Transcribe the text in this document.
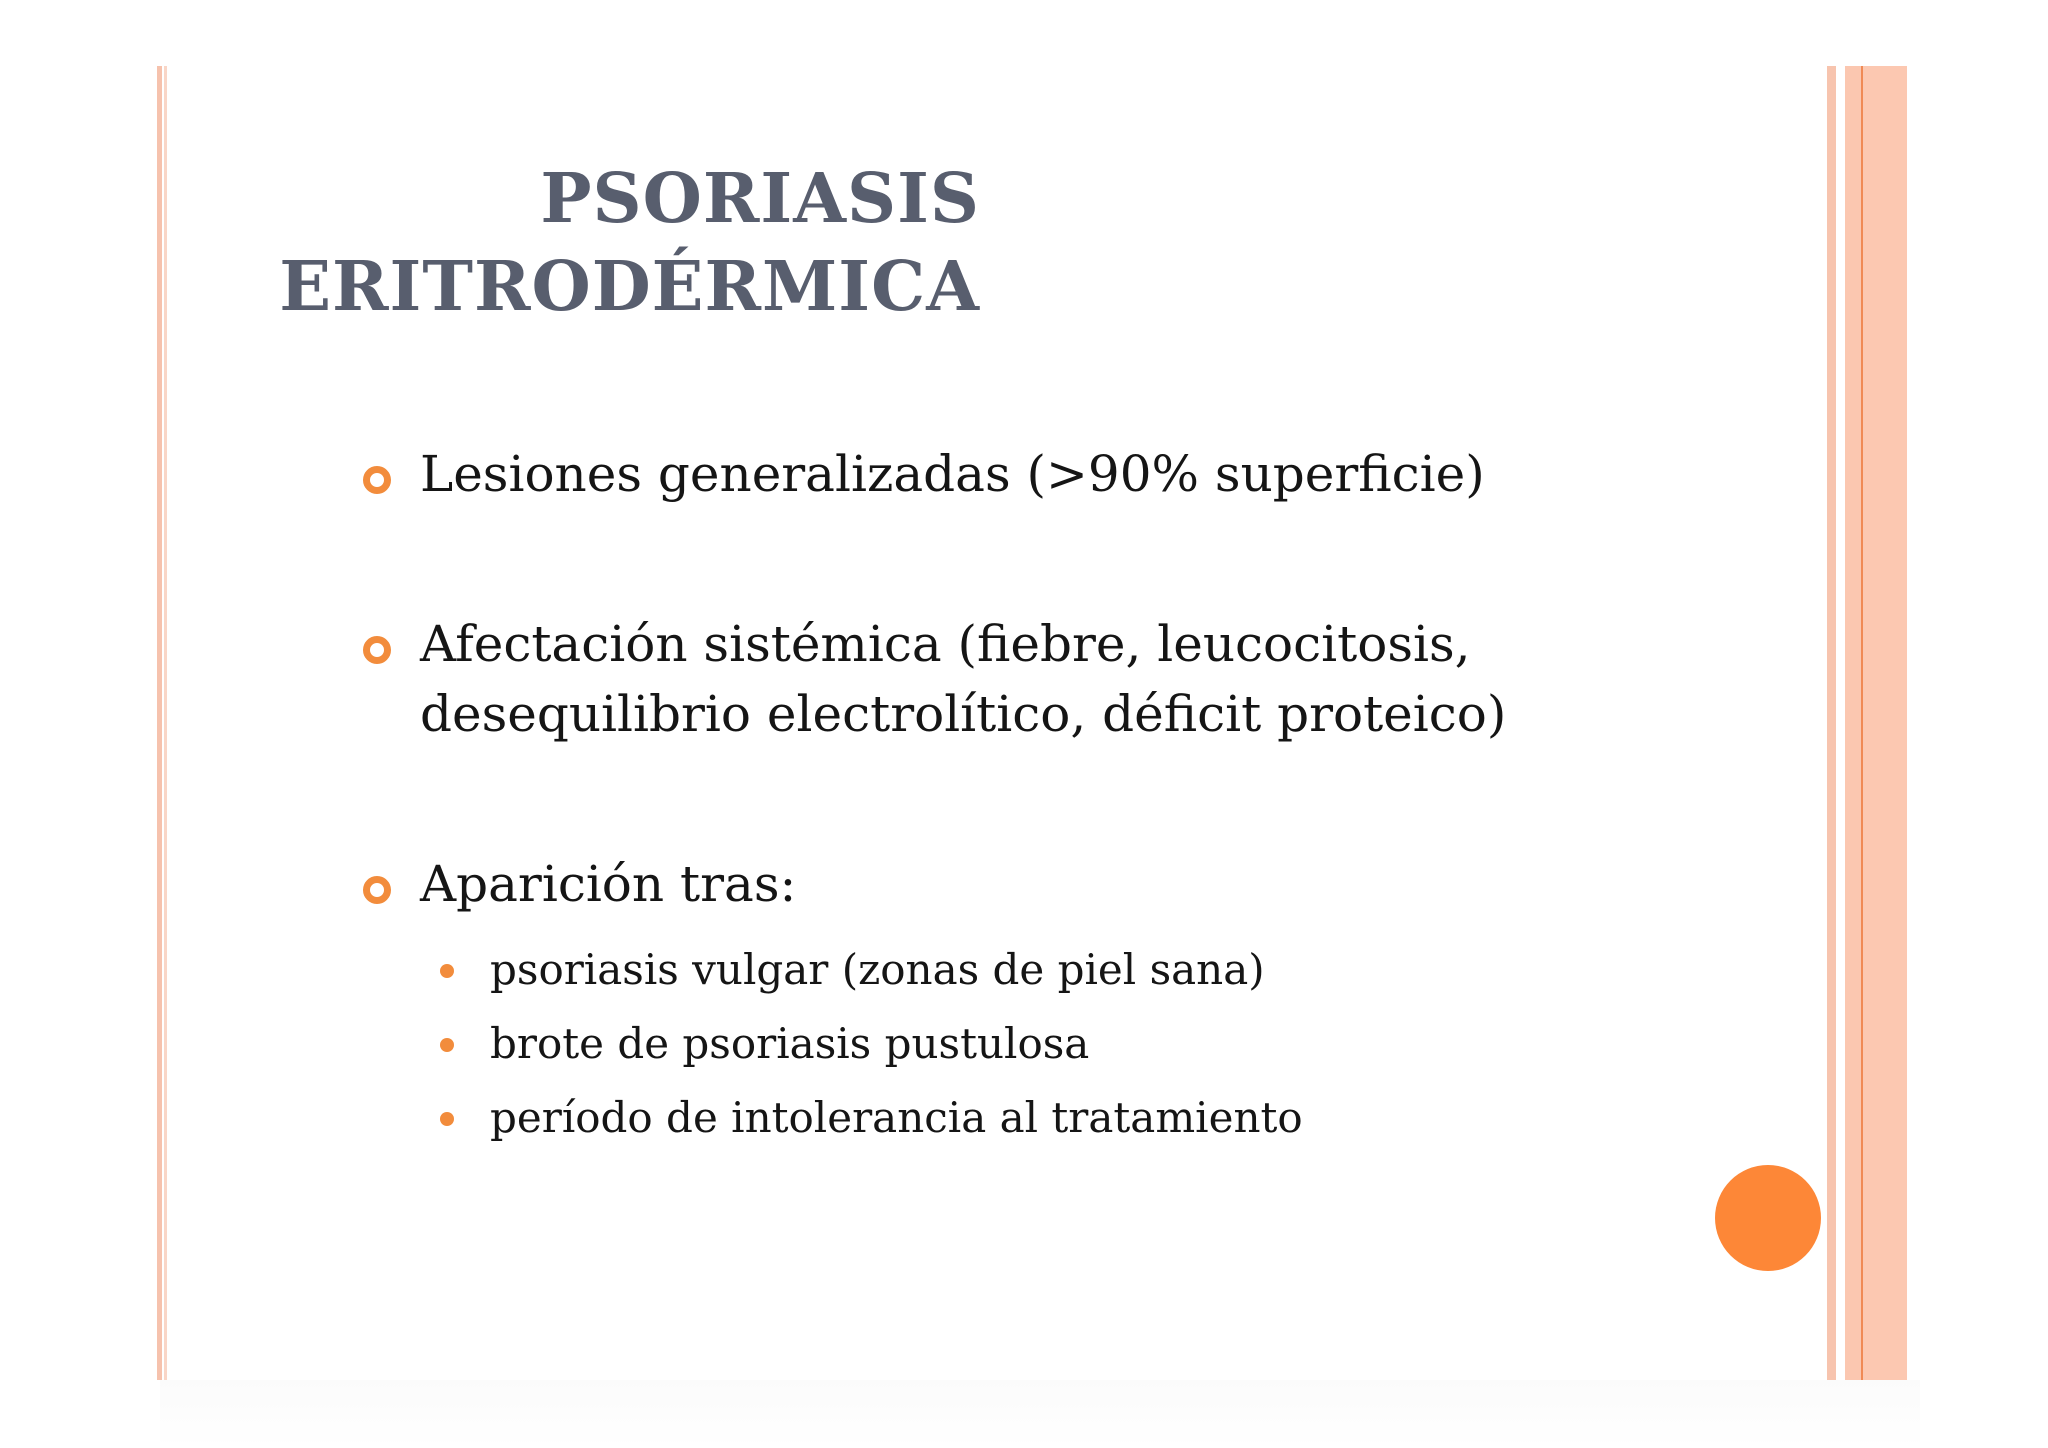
PSORIASIS
ERITRODÉRMICA
Lesiones generalizadas (>90% superficie)
Afectación sistémica (fiebre, leucocitosis,
desequilibrio electrolítico, déficit proteico)
Aparición tras:
psoriasis vulgar (zonas de piel sana)
brote de psoriasis pustulosa
período de intolerancia al tratamiento
